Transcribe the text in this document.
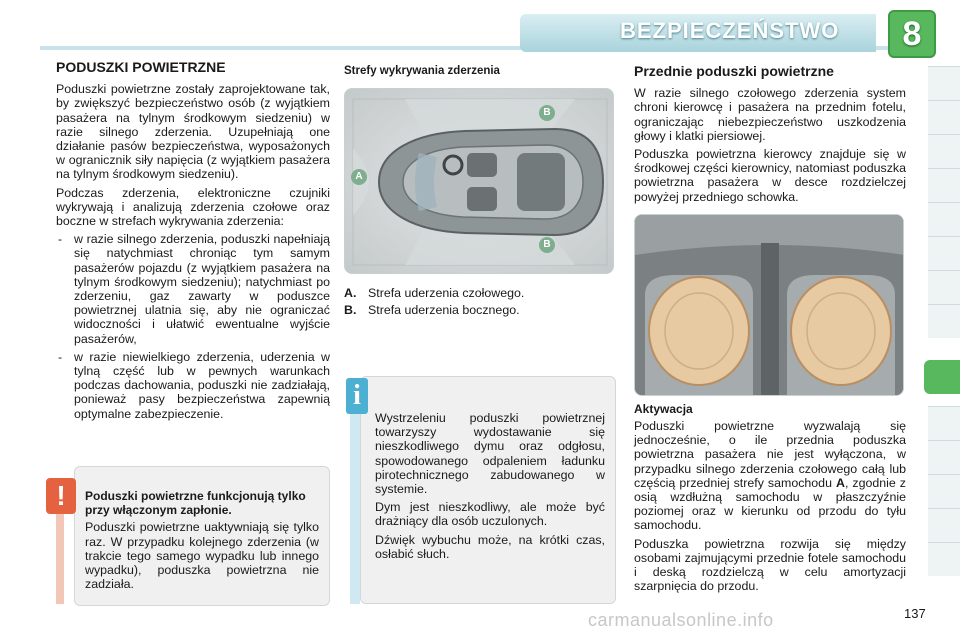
BEZPIECZEŃSTWO	8
PODUSZKI POWIETRZNE

Poduszki powietrzne zostały zaprojektowane tak, by zwiększyć bezpieczeństwo osób (z wyjątkiem pasażera na tylnym środkowym siedzeniu) w razie silnego zderzenia. Uzupełniają one działanie pasów bezpieczeństwa, wyposażonych w ogranicznik siły napięcia (z wyjątkiem pasażera na tylnym środkowym siedzeniu).

Podczas zderzenia, elektroniczne czujniki wykrywają i analizują zderzenia czołowe oraz boczne w strefach wykrywania zderzenia:

- w razie silnego zderzenia, poduszki napełniają się natychmiast chroniąc tym samym pasażerów pojazdu (z wyjątkiem pasażera na tylnym środkowym siedzeniu); natychmiast po zderzeniu, gaz zawarty w poduszce powietrznej ulatnia się, aby nie ograniczać widoczności i ułatwić ewentualne wyjście pasażerów,
- w razie niewielkiego zderzenia, uderzenia w tylną część lub w pewnych warunkach podczas dachowania, poduszki nie zadziałają, ponieważ pasy bezpieczeństwa zapewnią optymalne zabezpieczenie.
Poduszki powietrzne funkcjonują tylko przy włączonym zapłonie.

Poduszki powietrzne uaktywniają się tylko raz. W przypadku kolejnego zderzenia (w trakcie tego samego wypadku lub innego wypadku), poduszka powietrzna nie zadziała.

!
Strefy wykrywania zderzenia
A
B
B
A. Strefa uderzenia czołowego.
B. Strefa uderzenia bocznego.

Wystrzeleniu poduszki powietrznej towarzyszy wydostawanie się nieszkodliwego dymu oraz odgłosu, spowodowanego odpaleniem ładunku pirotechnicznego zabudowanego w systemie.

Dym jest nieszkodliwy, ale może być drażniący dla osób uczulonych.

Dźwięk wybuchu może, na krótki czas, osłabić słuch.

i
Przednie poduszki powietrzne

W razie silnego czołowego zderzenia system chroni kierowcę i pasażera na przednim fotelu, ograniczając niebezpieczeństwo uszkodzenia głowy i klatki piersiowej.

Poduszka powietrzna kierowcy znajduje się w środkowej części kierownicy, natomiast poduszka powietrzna pasażera w desce rozdzielczej powyżej przedniego schowka.

Aktywacja

Poduszki powietrzne wyzwalają się jednocześnie, o ile przednia poduszka powietrzna pasażera nie jest wyłączona, w przypadku silnego zderzenia czołowego całą lub częścią przedniej strefy samochodu A, zgodnie z osią wzdłużną samochodu w płaszczyźnie poziomej oraz w kierunku od przodu do tyłu samochodu.

Poduszka powietrzna rozwija się między osobami zajmującymi przednie fotele samochodu i deską rozdzielczą w celu amortyzacji szarpnięcia do przodu.

carmanualsonline.info	137
